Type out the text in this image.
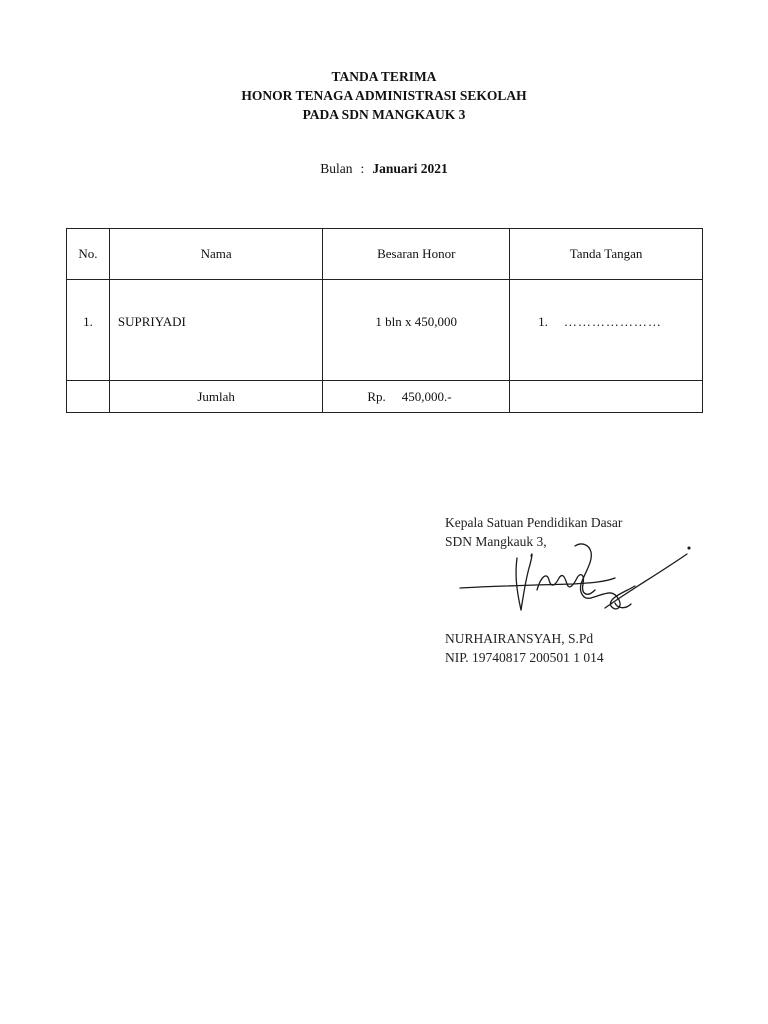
TANDA TERIMA
HONOR TENAGA ADMINISTRASI SEKOLAH
PADA SDN MANGKAUK 3
Bulan : Januari 2021
No.	Nama	Besaran Honor	Tanda Tangan
1.	SUPRIYADI	1 bln x 450,000	1. …………………
	Jumlah	Rp. 450,000.-	
Kepala Satuan Pendidikan Dasar
SDN Mangkauk 3,
NURHAIRANSYAH, S.Pd
NIP. 19740817 200501 1 014
